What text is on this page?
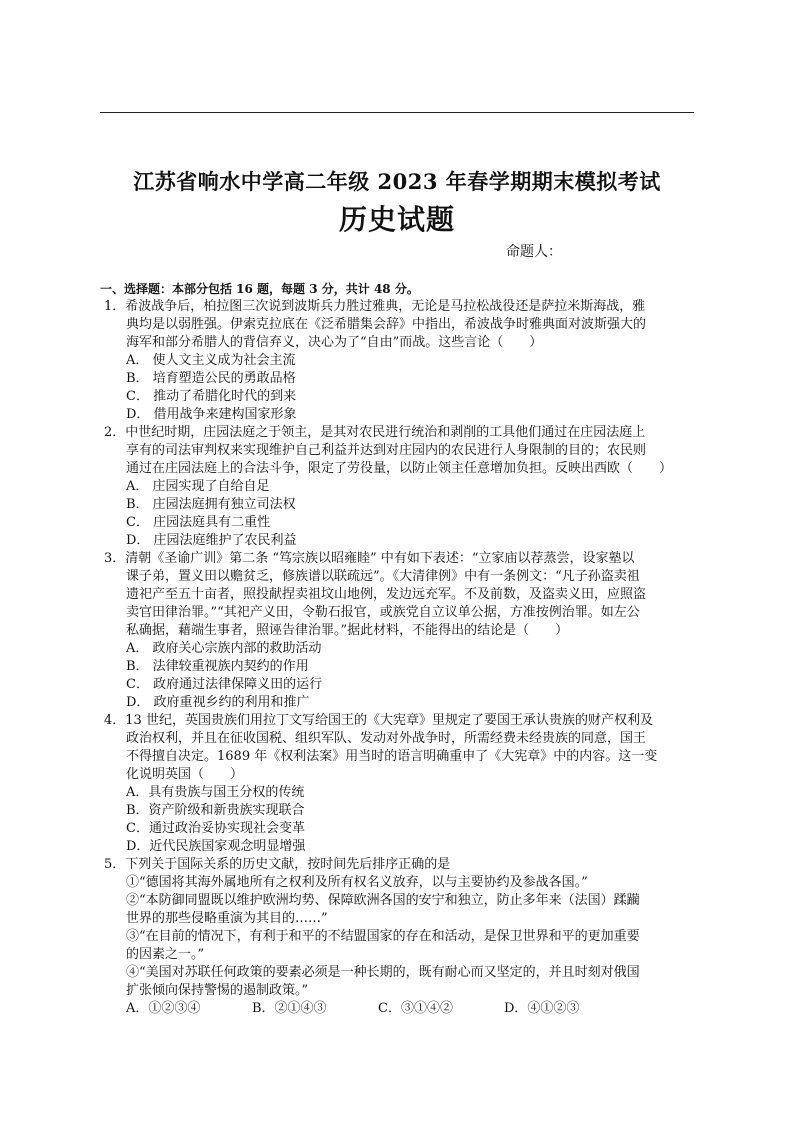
江苏省响水中学高二年级 2023 年春学期期末模拟考试
历史试题
命题人：
一、选择题：本部分包括 16 题，每题 3 分，共计 48 分。
1．希波战争后，柏拉图三次说到波斯兵力胜过雅典，无论是马拉松战役还是萨拉米斯海战，雅
典均是以弱胜强。伊索克拉底在《泛希腊集会辞》中指出，希波战争时雅典面对波斯强大的
海军和部分希腊人的背信弃义，决心为了“自由”而战。这些言论（　　）
A． 使人文主义成为社会主流
B． 培育塑造公民的勇敢品格
C． 推动了希腊化时代的到来
D． 借用战争来建构国家形象
2．中世纪时期，庄园法庭之于领主，是其对农民进行统治和剥削的工具他们通过在庄园法庭上
享有的司法审判权来实现维护自己利益并达到对庄园内的农民进行人身限制的目的；农民则
通过在庄园法庭上的合法斗争，限定了劳役量，以防止领主任意增加负担。反映出西欧（　　）
A． 庄园实现了自给自足
B． 庄园法庭拥有独立司法权
C． 庄园法庭具有二重性
D． 庄园法庭维护了农民利益
3．清朝《圣谕广训》第二条 “笃宗族以昭雍睦” 中有如下表述：“立家庙以荐蒸尝，设家塾以
课子弟，置义田以赡贫乏，修族谱以联疏远”。《大清律例》中有一条例文：“凡子孙盗卖祖
遗祀产至五十亩者，照投献捏卖祖坟山地例，发边远充军。不及前数，及盗卖义田，应照盗
卖官田律治罪。”“其祀产义田，令勒石报官，或族党自立议单公据，方准按例治罪。如左公
私确据，藉端生事者，照诬告律治罪。”据此材料，不能得出的结论是（　　）
A． 政府关心宗族内部的救助活动
B． 法律较重视族内契约的作用
C． 政府通过法律保障义田的运行
D． 政府重视乡约的利用和推广
4．13 世纪，英国贵族们用拉丁文写给国王的《大宪章》里规定了要国王承认贵族的财产权利及
政治权利，并且在征收国税、组织军队、发动对外战争时，所需经费未经贵族的同意，国王
不得擅自决定。1689 年《权利法案》用当时的语言明确重申了《大宪章》中的内容。这一变
化说明英国（　　）
A．具有贵族与国王分权的传统
B．资产阶级和新贵族实现联合
C．通过政治妥协实现社会变革
D．近代民族国家观念明显增强
5．下列关于国际关系的历史文献，按时间先后排序正确的是
①“德国将其海外属地所有之权利及所有权名义放弃，以与主要协约及参战各国。”
②“本防御同盟既以维护欧洲均势、保障欧洲各国的安宁和独立，防止多年来（法国）蹂躏
世界的那些侵略重演为其目的……”
③“在目前的情况下，有利于和平的不结盟国家的存在和活动，是保卫世界和平的更加重要
的因素之一。”
④“美国对苏联任何政策的要素必须是一种长期的，既有耐心而又坚定的，并且时刻对俄国
扩张倾向保持警惕的遏制政策。”
A．①②③④	B．②①④③	C．③①④②	D．④①②③
